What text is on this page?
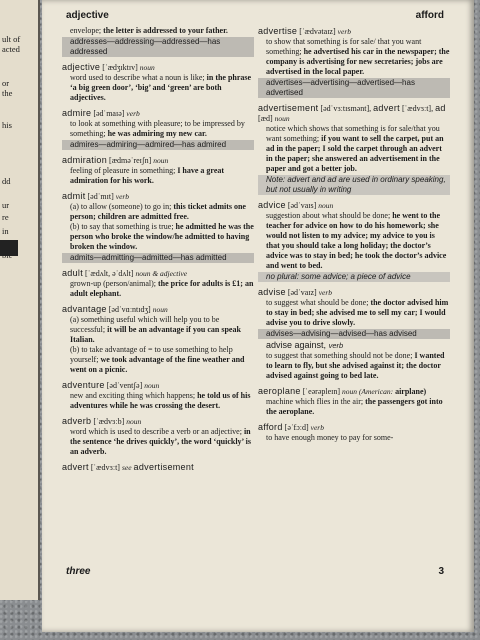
ult of
acted
or
the
his
dd
ur
re
in
adjective	afford
envelope; the letter is addressed to your father.
addresses—addressing—addressed—has addressed
adjective [ˈædʒɪktɪv] noun
word used to describe what a noun is like; in the phrase ‘a big green door’, ‘big’ and ‘green’ are both adjectives.
admire [ədˈmaɪə] verb
to look at something with pleasure; to be impressed by something; he was admiring my new car.
admires—admiring—admired—has admired
admiration [ædməˈreɪʃn] noun
feeling of pleasure in something; I have a great admiration for his work.
admit [ədˈmɪt] verb
(a) to allow (someone) to go in; this ticket admits one person; children are admitted free.
(b) to say that something is true; he admitted he was the person who broke the window/he admitted to having broken the window.
admits—admitting—admitted—has admitted
adult [ˈædʌlt, əˈdʌlt] noun & adjective
grown-up (person/animal); the price for adults is £1; an adult elephant.
advantage [ədˈvɑːntɪdʒ] noun
(a) something useful which will help you to be successful; it will be an advantage if you can speak Italian.
(b) to take advantage of = to use something to help yourself; we took advantage of the fine weather and went on a picnic.
adventure [ədˈventʃə] noun
new and exciting thing which happens; he told us of his adventures while he was crossing the desert.
adverb [ˈædvɜːb] noun
word which is used to describe a verb or an adjective; in the sentence ‘he drives quickly’, the word ‘quickly’ is an adverb.
advert [ˈædvɜːt] see advertisement
advertise [ˈædvətaɪz] verb
to show that something is for sale/ that you want something; he advertised his car in the newspaper; the company is advertising for new secretaries; jobs are advertised in the local paper.
advertises—advertising—advertised—has advertised
advertisement [ədˈvɜːtɪsmənt], advert [ˈædvɜːt], ad [æd] noun
notice which shows that something is for sale/that you want something; if you want to sell the carpet, put an ad in the paper; I sold the carpet through an advert in the paper; she answered an advertisement in the paper and got a better job.
Note: advert and ad are used in ordinary speaking, but not usually in writing
advice [ədˈvaɪs] noun
suggestion about what should be done; he went to the teacher for advice on how to do his homework; she would not listen to my advice; my advice to you is that you should take a long holiday; the doctor’s advice was to stay in bed; he took the doctor’s advice and went to bed.
no plural: some advice; a piece of advice
advise [ədˈvaɪz] verb
to suggest what should be done; the doctor advised him to stay in bed; she advised me to sell my car; I would advise you to drive slowly.
advises—advising—advised—has advised
advise against, verb
to suggest that something should not be done; I wanted to learn to fly, but she advised against it; the doctor advised against going to bed late.
aeroplane [ˈeərəpleɪn] noun (American: airplane)
machine which flies in the air; the passengers got into the aeroplane.
afford [əˈfɔːd] verb
to have enough money to pay for some-
three	3
